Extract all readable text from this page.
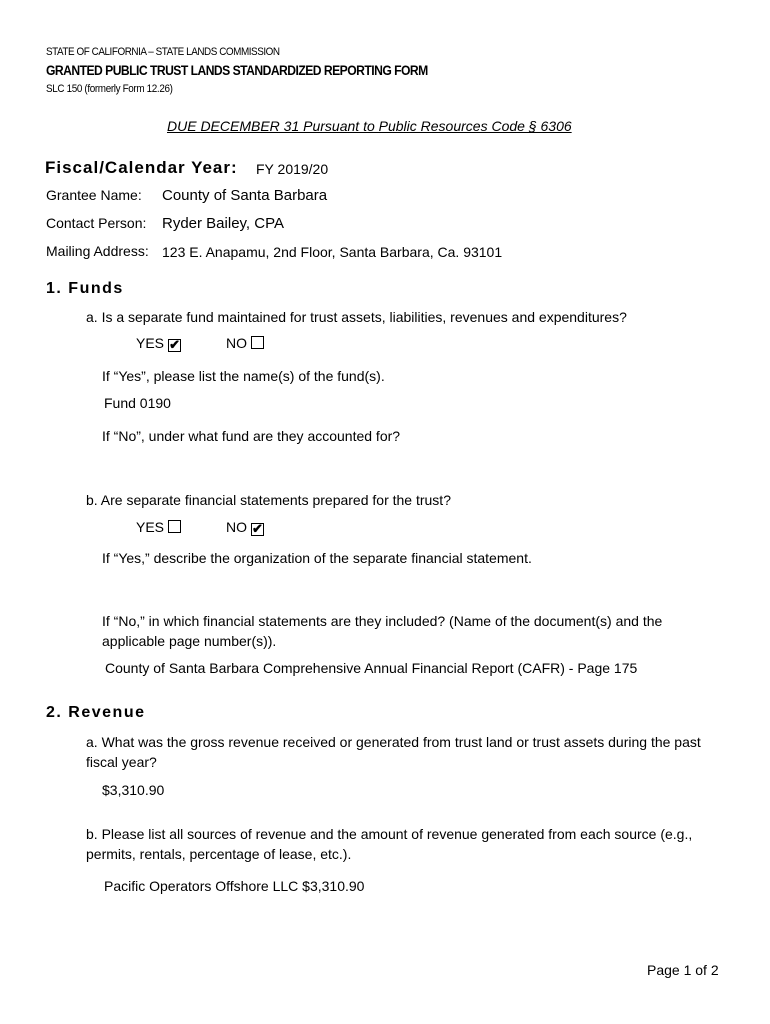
STATE OF CALIFORNIA – STATE LANDS COMMISSION
GRANTED PUBLIC TRUST LANDS STANDARDIZED REPORTING FORM
SLC 150 (formerly Form 12.26)
DUE DECEMBER 31 Pursuant to Public Resources Code § 6306
Fiscal/Calendar Year: FY 2019/20
Grantee Name: County of Santa Barbara
Contact Person: Ryder Bailey, CPA
Mailing Address: 123 E. Anapamu, 2nd Floor, Santa Barbara, Ca. 93101
1. Funds
a. Is a separate fund maintained for trust assets, liabilities, revenues and expenditures?
YES ✔	NO
If “Yes”, please list the name(s) of the fund(s).
Fund 0190
If “No”, under what fund are they accounted for?
b. Are separate financial statements prepared for the trust?
YES	NO ✔
If “Yes,” describe the organization of the separate financial statement.
If “No,” in which financial statements are they included? (Name of the document(s) and the applicable page number(s)).
County of Santa Barbara Comprehensive Annual Financial Report (CAFR) - Page 175
2. Revenue
a. What was the gross revenue received or generated from trust land or trust assets during the past fiscal year?
$3,310.90
b. Please list all sources of revenue and the amount of revenue generated from each source (e.g., permits, rentals, percentage of lease, etc.).
Pacific Operators Offshore LLC $3,310.90
Page 1 of 2
